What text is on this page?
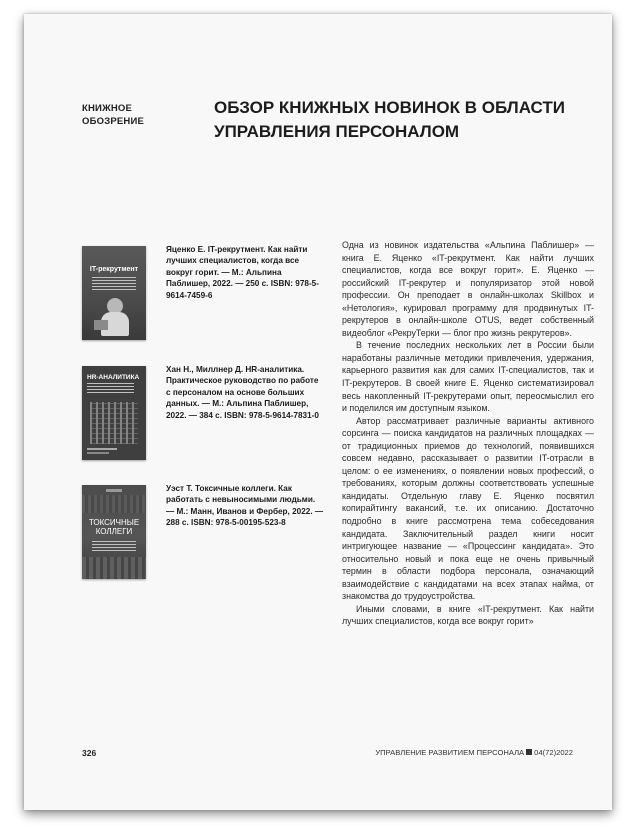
КНИЖНОЕ
ОБОЗРЕНИЕ
ОБЗОР КНИЖНЫХ НОВИНОК В ОБЛАСТИ УПРАВЛЕНИЯ ПЕРСОНАЛОМ
IT-рекрутмент
Яценко Е. IT-рекрутмент. Как найти лучших специалистов, когда все вокруг горит. — М.: Альпина Паблишер, 2022. — 250 с. ISBN: 978-5-9614-7459-6
HR-АНАЛИТИКА
Хан Н., Миллнер Д. HR-аналитика. Практическое руководство по работе с персоналом на основе больших данных. — М.: Альпина Паблишер, 2022. — 384 с. ISBN: 978-5-9614-7831-0
ТОКСИЧНЫЕ КОЛЛЕГИ
Уэст Т. Токсичные коллеги. Как работать с невыносимыми людьми. — М.: Манн, Иванов и Фербер, 2022. — 288 с. ISBN: 978-5-00195-523-8

Одна из новинок издательства «Альпина Паблишер» — книга Е. Яценко «IT-рекрутмент. Как найти лучших специалистов, когда все вокруг горит». Е. Яценко — российский IT-рекрутер и популяризатор этой новой профессии. Он преподает в онлайн-школах Skillbox и «Нетология», курировал программу для продвинутых IT-рекрутеров в онлайн-школе OTUS, ведет собственный видеоблог «РекруТерки — блог про жизнь рекрутеров».

В течение последних нескольких лет в России были наработаны различные методики привлечения, удержания, карьерного развития как для самих IT-специалистов, так и IT-рекрутеров. В своей книге Е. Яценко систематизировал весь накопленный IT-рекрутерами опыт, переосмыслил его и поделился им доступным языком.

Автор рассматривает различные варианты активного сорсинга — поиска кандидатов на различных площадках — от традиционных приемов до технологий, появившихся совсем недавно, рассказывает о развитии IT-отрасли в целом: о ее изменениях, о появлении новых профессий, о требованиях, которым должны соответствовать успешные кандидаты. Отдельную главу Е. Яценко посвятил копирайтингу вакансий, т.е. их описанию. Достаточно подробно в книге рассмотрена тема собеседования кандидата. Заключительный раздел книги носит интригующее название — «Процессинг кандидата». Это относительно новый и пока еще не очень привычный термин в области подбора персонала, означающий взаимодействие с кандидатами на всех этапах найма, от знакомства до трудоустройства.

Иными словами, в книге «IT-рекрутмент. Как найти лучших специалистов, когда все вокруг горит»

326	УПРАВЛЕНИЕ РАЗВИТИЕМ ПЕРСОНАЛА 04(72)2022
